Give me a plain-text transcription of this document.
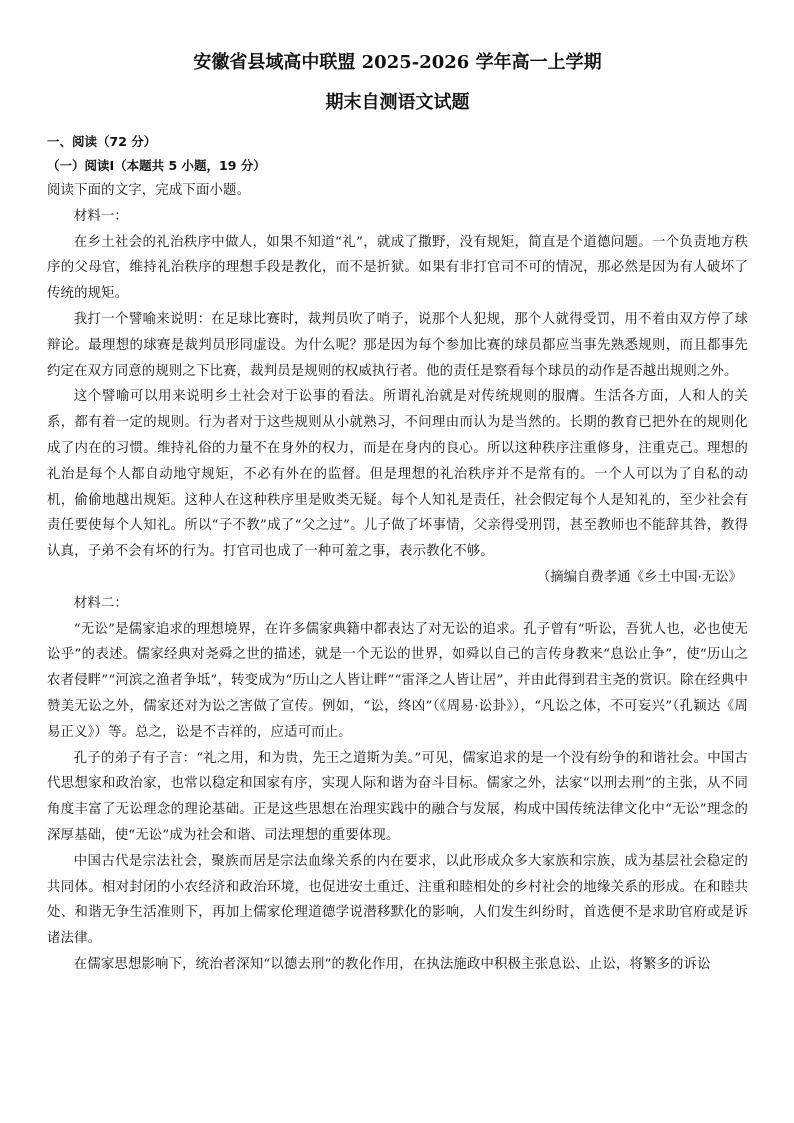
安徽省县域高中联盟 2025-2026 学年高一上学期
期末自测语文试题

一、阅读（72 分）

（一）阅读Ⅰ（本题共 5 小题，19 分）

阅读下面的文字，完成下面小题。

材料一：

在乡土社会的礼治秩序中做人，如果不知道“礼”，就成了撒野，没有规矩，简直是个道德问题。一个负责地方秩序的父母官，维持礼治秩序的理想手段是教化，而不是折狱。如果有非打官司不可的情况，那必然是因为有人破坏了传统的规矩。

我打一个譬喻来说明：在足球比赛时，裁判员吹了哨子，说那个人犯规，那个人就得受罚，用不着由双方停了球辩论。最理想的球赛是裁判员形同虚设。为什么呢？那是因为每个参加比赛的球员都应当事先熟悉规则，而且都事先约定在双方同意的规则之下比赛，裁判员是规则的权威执行者。他的责任是察看每个球员的动作是否越出规则之外。

这个譬喻可以用来说明乡土社会对于讼事的看法。所谓礼治就是对传统规则的服膺。生活各方面，人和人的关系，都有着一定的规则。行为者对于这些规则从小就熟习，不问理由而认为是当然的。长期的教育已把外在的规则化成了内在的习惯。维持礼俗的力量不在身外的权力，而是在身内的良心。所以这种秩序注重修身，注重克己。理想的礼治是每个人都自动地守规矩，不必有外在的监督。但是理想的礼治秩序并不是常有的。一个人可以为了自私的动机，偷偷地越出规矩。这种人在这种秩序里是败类无疑。每个人知礼是责任，社会假定每个人是知礼的，至少社会有责任要使每个人知礼。所以“子不教”成了“父之过”。儿子做了坏事情，父亲得受刑罚，甚至教师也不能辞其咎，教得认真，子弟不会有坏的行为。打官司也成了一种可羞之事，表示教化不够。

（摘编自费孝通《乡土中国·无讼》

材料二：

“无讼”是儒家追求的理想境界，在许多儒家典籍中都表达了对无讼的追求。孔子曾有“听讼，吾犹人也，必也使无讼乎”的表述。儒家经典对尧舜之世的描述，就是一个无讼的世界，如舜以自己的言传身教来“息讼止争”，使“历山之农者侵畔”“河滨之渔者争坻”，转变成为“历山之人皆让畔”“雷泽之人皆让居”，并由此得到君主尧的赏识。除在经典中赞美无讼之外，儒家还对为讼之害做了宣传。例如，“讼，终凶”（《周易·讼卦》），“凡讼之体，不可妄兴”（孔颖达《周易正义》）等。总之，讼是不吉祥的，应适可而止。

孔子的弟子有子言：“礼之用，和为贵，先王之道斯为美。”可见，儒家追求的是一个没有纷争的和谐社会。中国古代思想家和政治家，也常以稳定和国家有序，实现人际和谐为奋斗目标。儒家之外，法家“以刑去刑”的主张，从不同角度丰富了无讼理念的理论基础。正是这些思想在治理实践中的融合与发展，构成中国传统法律文化中“无讼”理念的深厚基础，使“无讼”成为社会和谐、司法理想的重要体现。

中国古代是宗法社会，聚族而居是宗法血缘关系的内在要求，以此形成众多大家族和宗族，成为基层社会稳定的共同体。相对封闭的小农经济和政治环境，也促进安土重迁、注重和睦相处的乡村社会的地缘关系的形成。在和睦共处、和谐无争生活准则下，再加上儒家伦理道德学说潜移默化的影响，人们发生纠纷时，首选便不是求助官府或是诉诸法律。

在儒家思想影响下，统治者深知“以德去刑”的教化作用，在执法施政中积极主张息讼、止讼，将繁多的诉讼
